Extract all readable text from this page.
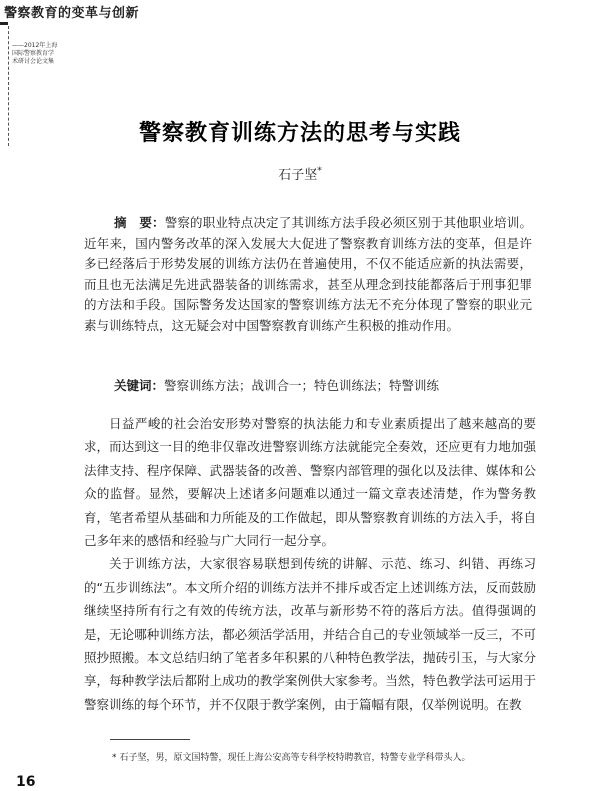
警察教育的变革与创新
——2012年上海
国际警察教育学
术研讨会论文集
警察教育训练方法的思考与实践
石子坚*
摘　要：警察的职业特点决定了其训练方法手段必须区别于其他职业培训。近年来，国内警务改革的深入发展大大促进了警察教育训练方法的变革，但是许多已经落后于形势发展的训练方法仍在普遍使用，不仅不能适应新的执法需要，而且也无法满足先进武器装备的训练需求，甚至从理念到技能都落后于刑事犯罪的方法和手段。国际警务发达国家的警察训练方法无不充分体现了警察的职业元素与训练特点，这无疑会对中国警察教育训练产生积极的推动作用。
关键词：警察训练方法；战训合一；特色训练法；特警训练

日益严峻的社会治安形势对警察的执法能力和专业素质提出了越来越高的要求，而达到这一目的绝非仅靠改进警察训练方法就能完全奏效，还应更有力地加强法律支持、程序保障、武器装备的改善、警察内部管理的强化以及法律、媒体和公众的监督。显然，要解决上述诸多问题难以通过一篇文章表述清楚，作为警务教育，笔者希望从基础和力所能及的工作做起，即从警察教育训练的方法入手，将自己多年来的感悟和经验与广大同行一起分享。

关于训练方法，大家很容易联想到传统的讲解、示范、练习、纠错、再练习的“五步训练法”。本文所介绍的训练方法并不排斥或否定上述训练方法，反而鼓励继续坚持所有行之有效的传统方法，改革与新形势不符的落后方法。值得强调的是，无论哪种训练方法，都必须活学活用，并结合自己的专业领域举一反三，不可照抄照搬。本文总结归纳了笔者多年积累的八种特色教学法，抛砖引玉，与大家分享，每种教学法后都附上成功的教学案例供大家参考。当然，特色教学法可运用于警察训练的每个环节，并不仅限于教学案例，由于篇幅有限，仅举例说明。在教

* 石子坚，男，原文国特警，现任上海公安高等专科学校特聘教官，特警专业学科带头人。
16
